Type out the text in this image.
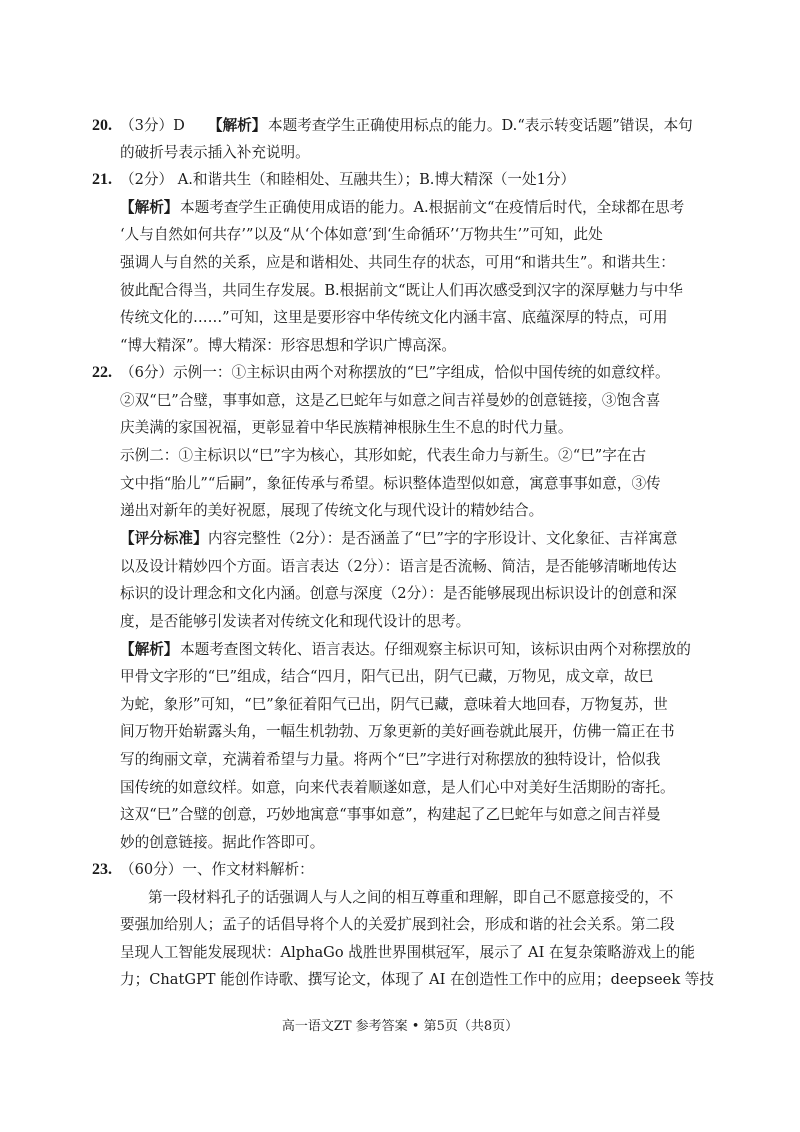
20. （3分）D 【解析】 本题考查学生正确使用标点的能力。D.“表示转变话题”错误，本句
的破折号表示插入补充说明。
21. （2分） A.和谐共生（和睦相处、互融共生）；B.博大精深（一处1分）
【解析】 本题考查学生正确使用成语的能力。A.根据前文“在疫情后时代，全球都在思考
‘人与自然如何共存’”以及“从‘个体如意’到‘生命循环’‘万物共生’”可知，此处
强调人与自然的关系，应是和谐相处、共同生存的状态，可用“和谐共生”。和谐共生：
彼此配合得当，共同生存发展。B.根据前文“既让人们再次感受到汉字的深厚魅力与中华
传统文化的……”可知，这里是要形容中华传统文化内涵丰富、底蕴深厚的特点，可用
“博大精深”。博大精深：形容思想和学识广博高深。
22. （6分）示例一：①主标识由两个对称摆放的“巳”字组成，恰似中国传统的如意纹样。
②双“巳”合璧，事事如意，这是乙巳蛇年与如意之间吉祥曼妙的创意链接，③饱含喜
庆美满的家国祝福，更彰显着中华民族精神根脉生生不息的时代力量。
示例二：①主标识以“巳”字为核心，其形如蛇，代表生命力与新生。②“巳”字在古
文中指“胎儿”“后嗣”，象征传承与希望。标识整体造型似如意，寓意事事如意，③传
递出对新年的美好祝愿，展现了传统文化与现代设计的精妙结合。
【评分标准】 内容完整性（2分）：是否涵盖了“巳”字的字形设计、文化象征、吉祥寓意
以及设计精妙四个方面。语言表达（2分）：语言是否流畅、简洁，是否能够清晰地传达
标识的设计理念和文化内涵。创意与深度（2分）：是否能够展现出标识设计的创意和深
度，是否能够引发读者对传统文化和现代设计的思考。
【解析】 本题考查图文转化、语言表达。仔细观察主标识可知，该标识由两个对称摆放的
甲骨文字形的“巳”组成，结合“四月，阳气已出，阴气已藏，万物见，成文章，故巳
为蛇，象形”可知，“巳”象征着阳气已出，阴气已藏，意味着大地回春，万物复苏，世
间万物开始崭露头角，一幅生机勃勃、万象更新的美好画卷就此展开，仿佛一篇正在书
写的绚丽文章，充满着希望与力量。将两个“巳”字进行对称摆放的独特设计，恰似我
国传统的如意纹样。如意，向来代表着顺遂如意，是人们心中对美好生活期盼的寄托。
这双“巳”合璧的创意，巧妙地寓意“事事如意”，构建起了乙巳蛇年与如意之间吉祥曼
妙的创意链接。据此作答即可。
23. （60分）一、作文材料解析：
第一段材料孔子的话强调人与人之间的相互尊重和理解，即自己不愿意接受的，不
要强加给别人；孟子的话倡导将个人的关爱扩展到社会，形成和谐的社会关系。第二段
呈现人工智能发展现状：AlphaGo 战胜世界围棋冠军，展示了 AI 在复杂策略游戏上的能
力；ChatGPT 能创作诗歌、撰写论文，体现了 AI 在创造性工作中的应用；deepseek 等技
高一语文ZT 参考答案 • 第5页（共8页）
